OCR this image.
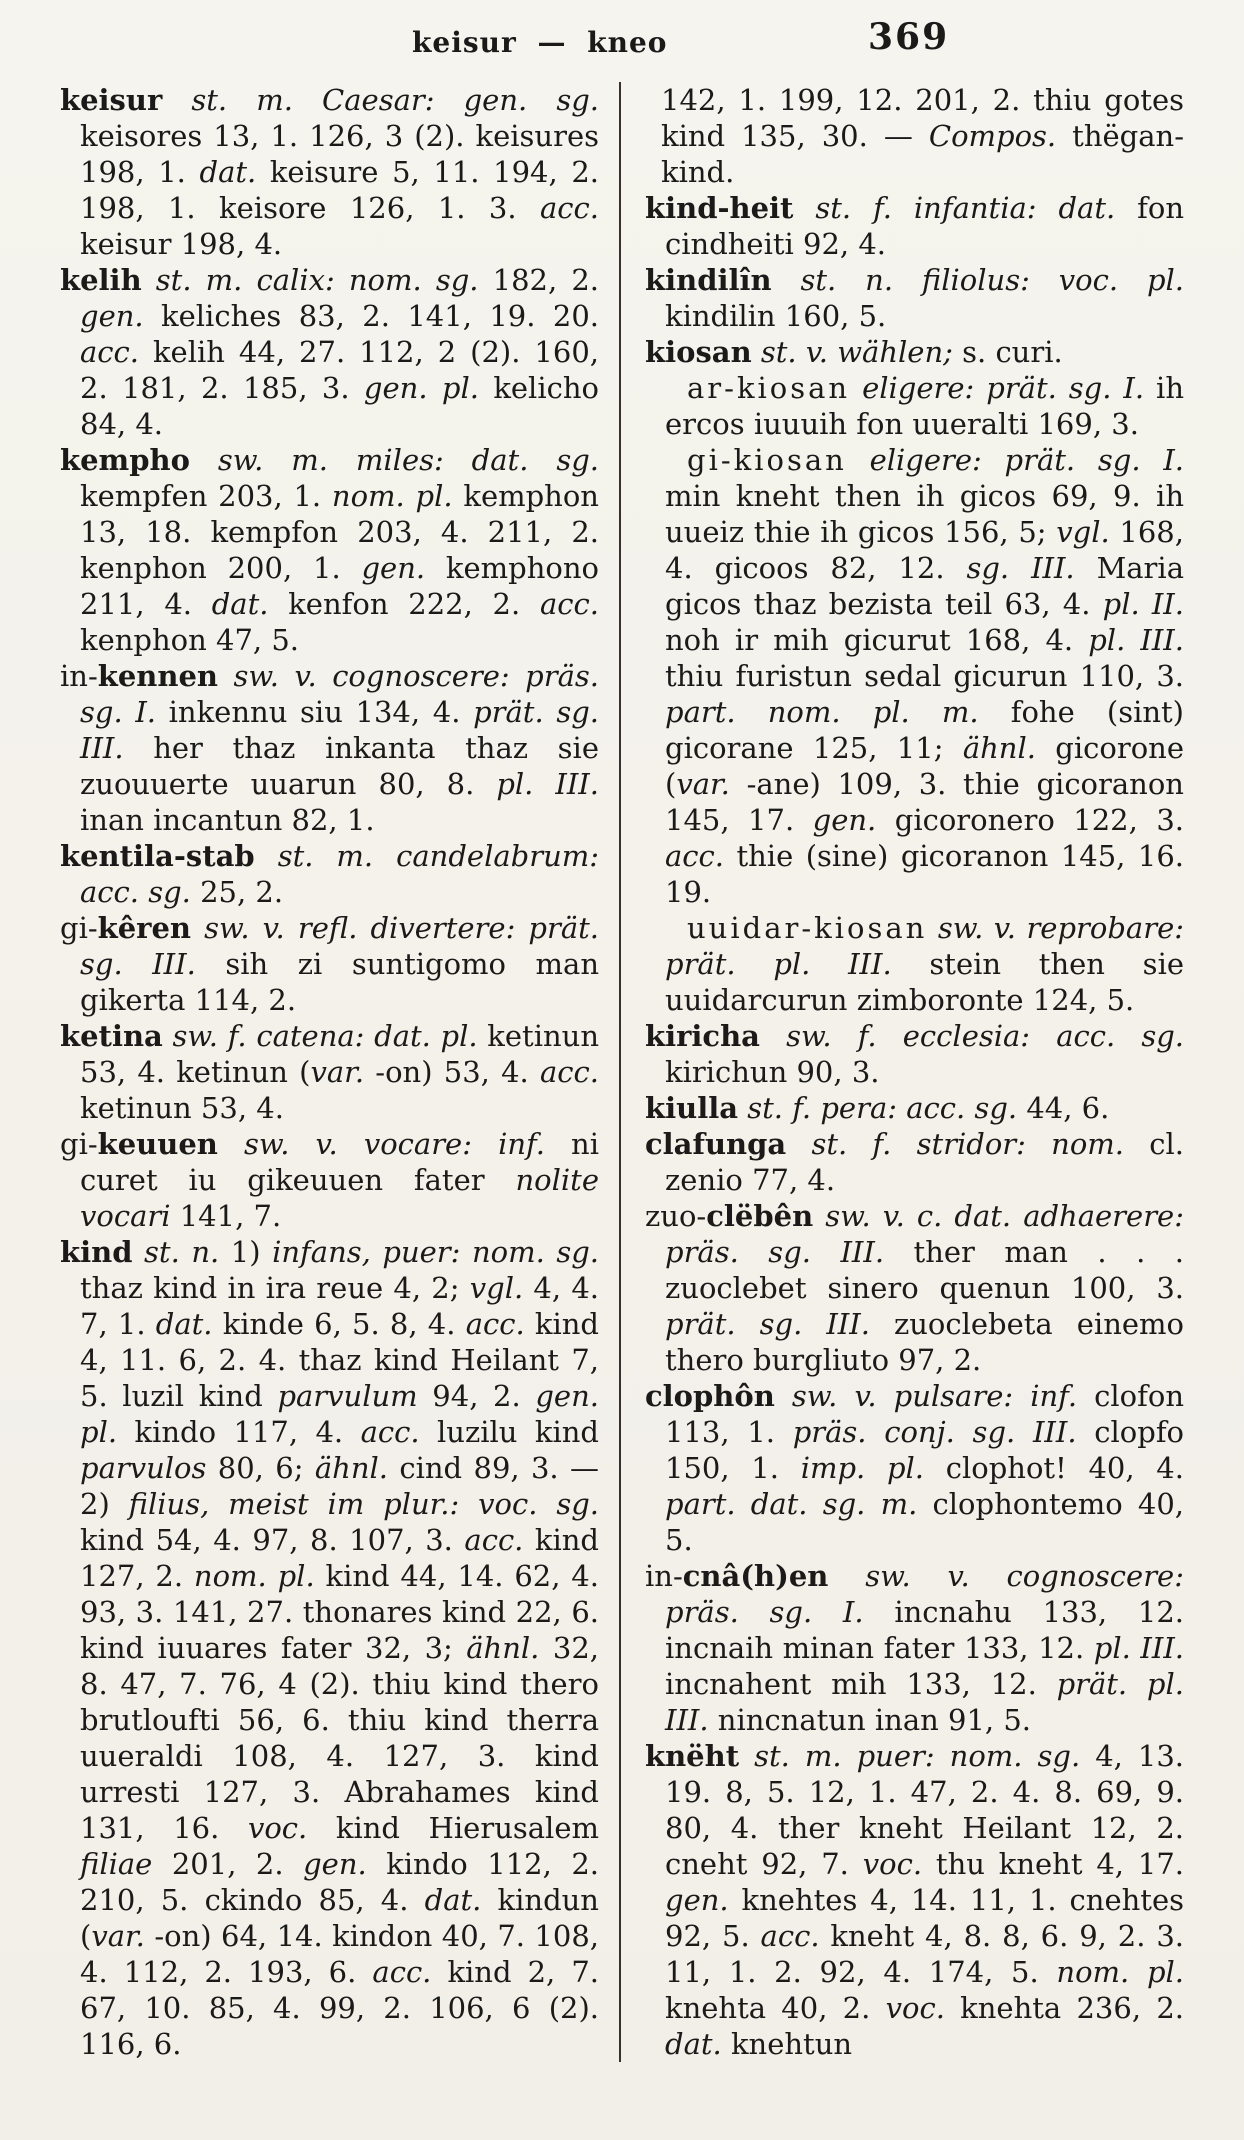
keisur — kneo	369

keisur st. m. Caesar: gen. sg. keisores 13, 1. 126, 3 (2). keisures 198, 1. dat. keisure 5, 11. 194, 2. 198, 1. keisore 126, 1. 3. acc. keisur 198, 4.

kelih st. m. calix: nom. sg. 182, 2. gen. keliches 83, 2. 141, 19. 20. acc. kelih 44, 27. 112, 2 (2). 160, 2. 181, 2. 185, 3. gen. pl. kelicho 84, 4.

kempho sw. m. miles: dat. sg. kempfen 203, 1. nom. pl. kemphon 13, 18. kempfon 203, 4. 211, 2. kenphon 200, 1. gen. kemphono 211, 4. dat. kenfon 222, 2. acc. kenphon 47, 5.

in-kennen sw. v. cognoscere: präs. sg. I. inkennu siu 134, 4. prät. sg. III. her thaz inkanta thaz sie zuouuerte uuarun 80, 8. pl. III. inan incantun 82, 1.

kentila-stab st. m. candelabrum: acc. sg. 25, 2.

gi-kêren sw. v. refl. divertere: prät. sg. III. sih zi suntigomo man gikerta 114, 2.

ketina sw. f. catena: dat. pl. ketinun 53, 4. ketinun (var. -on) 53, 4. acc. ketinun 53, 4.

gi-keuuen sw. v. vocare: inf. ni curet iu gikeuuen fater nolite vocari 141, 7.

kind st. n. 1) infans, puer: nom. sg. thaz kind in ira reue 4, 2; vgl. 4, 4. 7, 1. dat. kinde 6, 5. 8, 4. acc. kind 4, 11. 6, 2. 4. thaz kind Heilant 7, 5. luzil kind parvulum 94, 2. gen. pl. kindo 117, 4. acc. luzilu kind parvulos 80, 6; ähnl. cind 89, 3. — 2) filius, meist im plur.: voc. sg. kind 54, 4. 97, 8. 107, 3. acc. kind 127, 2. nom. pl. kind 44, 14. 62, 4. 93, 3. 141, 27. thonares kind 22, 6. kind iuuares fater 32, 3; ähnl. 32, 8. 47, 7. 76, 4 (2). thiu kind thero brutloufti 56, 6. thiu kind therra uueraldi 108, 4. 127, 3. kind urresti 127, 3. Abrahames kind 131, 16. voc. kind Hierusalem filiae 201, 2. gen. kindo 112, 2. 210, 5. ckindo 85, 4. dat. kindun (var. -on) 64, 14. kindon 40, 7. 108, 4. 112, 2. 193, 6. acc. kind 2, 7. 67, 10. 85, 4. 99, 2. 106, 6 (2). 116, 6.

142, 1. 199, 12. 201, 2. thiu gotes kind 135, 30. — Compos. thëgan-kind.

kind-heit st. f. infantia: dat. fon cindheiti 92, 4.

kindilîn st. n. filiolus: voc. pl. kindilin 160, 5.

kiosan st. v. wählen; s. curi.

ar-kiosan eligere: prät. sg. I. ih ercos iuuuih fon uueralti 169, 3.

gi-kiosan eligere: prät. sg. I. min kneht then ih gicos 69, 9. ih uueiz thie ih gicos 156, 5; vgl. 168, 4. gicoos 82, 12. sg. III. Maria gicos thaz bezista teil 63, 4. pl. II. noh ir mih gicurut 168, 4. pl. III. thiu furistun sedal gicurun 110, 3. part. nom. pl. m. fohe (sint) gicorane 125, 11; ähnl. gicorone (var. -ane) 109, 3. thie gicoranon 145, 17. gen. gicoronero 122, 3. acc. thie (sine) gicoranon 145, 16. 19.

uuidar-kiosan sw. v. reprobare: prät. pl. III. stein then sie uuidarcurun zimboronte 124, 5.

kiricha sw. f. ecclesia: acc. sg. kirichun 90, 3.

kiulla st. f. pera: acc. sg. 44, 6.

clafunga st. f. stridor: nom. cl. zenio 77, 4.

zuo-clëbên sw. v. c. dat. adhaerere: präs. sg. III. ther man . . . zuoclebet sinero quenun 100, 3. prät. sg. III. zuoclebeta einemo thero burgliuto 97, 2.

clophôn sw. v. pulsare: inf. clofon 113, 1. präs. conj. sg. III. clopfo 150, 1. imp. pl. clophot! 40, 4. part. dat. sg. m. clophontemo 40, 5.

in-cnâ(h)en sw. v. cognoscere: präs. sg. I. incnahu 133, 12. incnaih minan fater 133, 12. pl. III. incnahent mih 133, 12. prät. pl. III. nincnatun inan 91, 5.

knëht st. m. puer: nom. sg. 4, 13. 19. 8, 5. 12, 1. 47, 2. 4. 8. 69, 9. 80, 4. ther kneht Heilant 12, 2. cneht 92, 7. voc. thu kneht 4, 17. gen. knehtes 4, 14. 11, 1. cnehtes 92, 5. acc. kneht 4, 8. 8, 6. 9, 2. 3. 11, 1. 2. 92, 4. 174, 5. nom. pl. knehta 40, 2. voc. knehta 236, 2. dat. knehtun
